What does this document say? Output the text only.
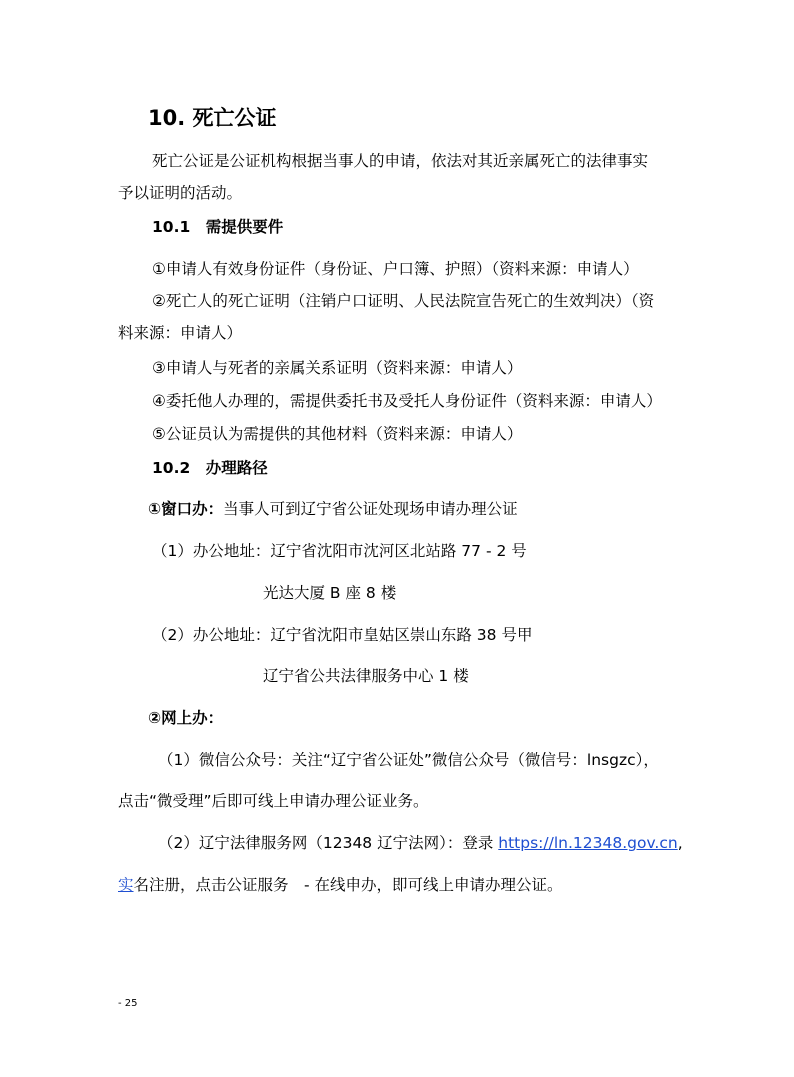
10. 死亡公证
死亡公证是公证机构根据当事人的申请，依法对其近亲属死亡的法律事实
予以证明的活动。
10.1　需提供要件
①申请人有效身份证件（身份证、户口簿、护照）（资料来源：申请人）
②死亡人的死亡证明（注销户口证明、人民法院宣告死亡的生效判决）（资
料来源：申请人）
③申请人与死者的亲属关系证明（资料来源：申请人）
④委托他人办理的，需提供委托书及受托人身份证件（资料来源：申请人）
⑤公证员认为需提供的其他材料（资料来源：申请人）
10.2　办理路径
①窗口办：当事人可到辽宁省公证处现场申请办理公证
（1）办公地址：辽宁省沈阳市沈河区北站路 77 - 2 号
光达大厦 B 座 8 楼
（2）办公地址：辽宁省沈阳市皇姑区崇山东路 38 号甲
辽宁省公共法律服务中心 1 楼
②网上办：
（1）微信公众号：关注“辽宁省公证处”微信公众号（微信号：lnsgzc），
点击“微受理”后即可线上申请办理公证业务。
（2）辽宁法律服务网（12348 辽宁法网）：登录 https://ln.12348.gov.cn,
实名注册，点击公证服务　- 在线申办，即可线上申请办理公证。
- 25
